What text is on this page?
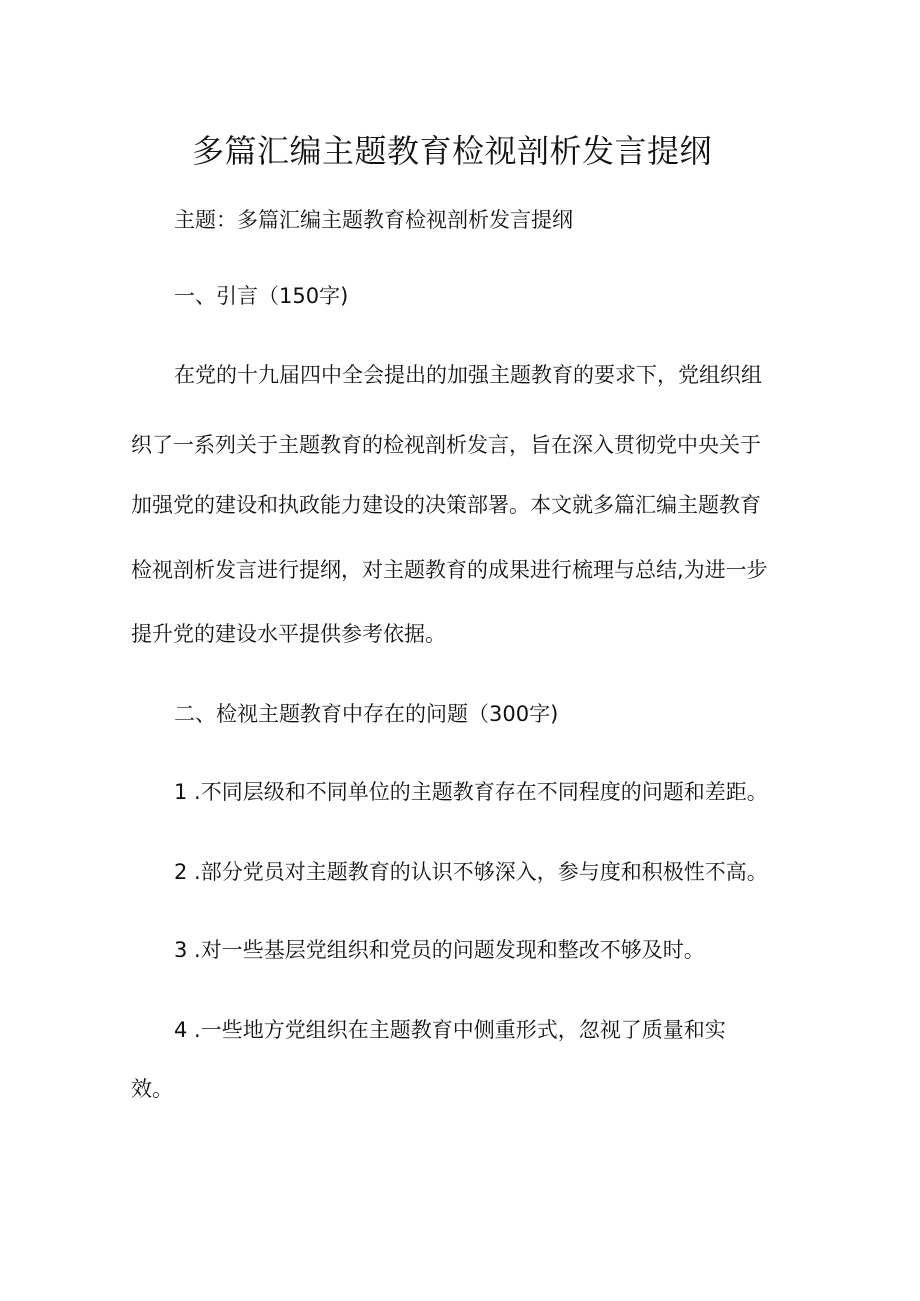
多篇汇编主题教育检视剖析发言提纲
主题：多篇汇编主题教育检视剖析发言提纲
一、引言（150字)
在党的十九届四中全会提出的加强主题教育的要求下，党组织组
织了一系列关于主题教育的检视剖析发言，旨在深入贯彻党中央关于
加强党的建设和执政能力建设的决策部署。本文就多篇汇编主题教育
检视剖析发言进行提纲，对主题教育的成果进行梳理与总结,为进一步
提升党的建设水平提供参考依据。
二、检视主题教育中存在的问题（300字)
1 .不同层级和不同单位的主题教育存在不同程度的问题和差距。
2 .部分党员对主题教育的认识不够深入，参与度和积极性不高。
3 .对一些基层党组织和党员的问题发现和整改不够及时。
4 .一些地方党组织在主题教育中侧重形式，忽视了质量和实
效。
